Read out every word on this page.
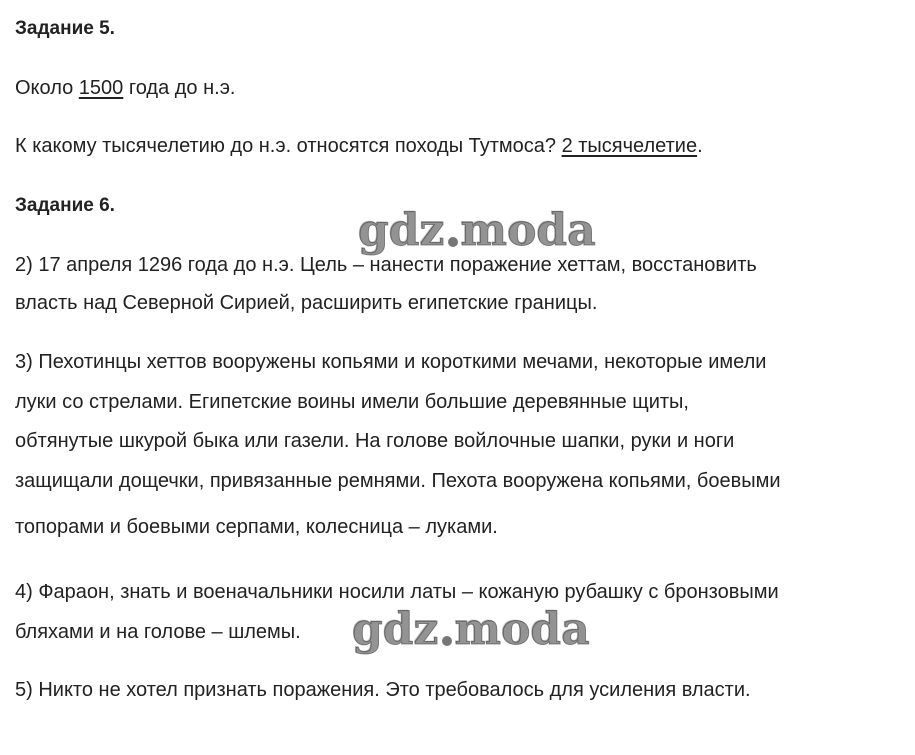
Задание 5.
Около 1500 года до н.э.
К какому тысячелетию до н.э. относятся походы Тутмоса? 2 тысячелетие.
Задание 6.
2) 17 апреля 1296 года до н.э. Цель – нанести поражение хеттам, восстановить
власть над Северной Сирией, расширить египетские границы.
3) Пехотинцы хеттов вооружены копьями и короткими мечами, некоторые имели
луки со стрелами. Египетские воины имели большие деревянные щиты,
обтянутые шкурой быка или газели. На голове войлочные шапки, руки и ноги
защищали дощечки, привязанные ремнями. Пехота вооружена копьями, боевыми
топорами и боевыми серпами, колесница – луками.
4) Фараон, знать и военачальники носили латы – кожаную рубашку с бронзовыми
бляхами и на голове – шлемы.
5) Никто не хотел признать поражения. Это требовалось для усиления власти.
gdz moda
gdz moda
